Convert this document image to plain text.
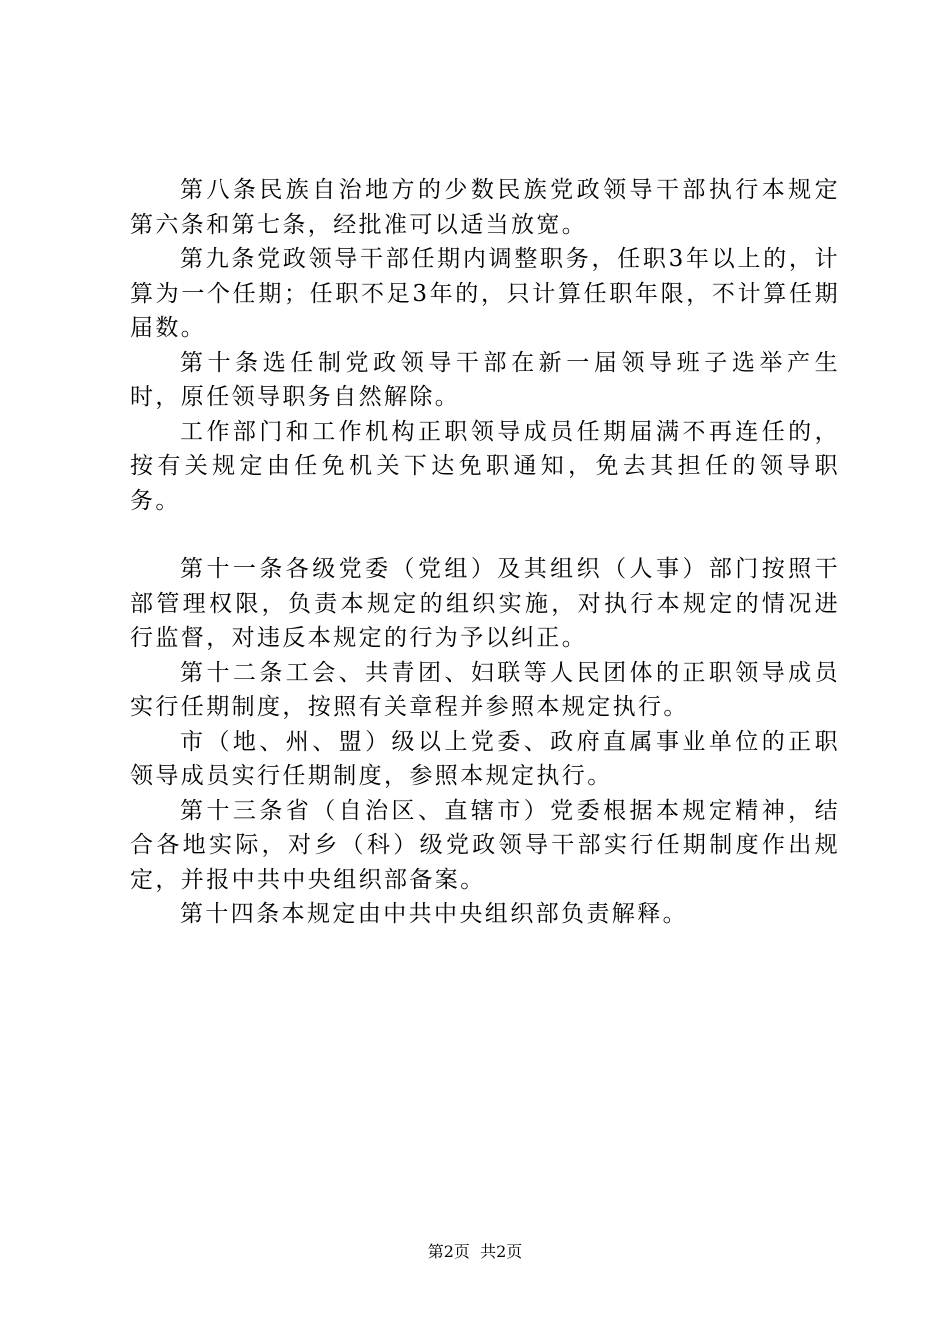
第八条民族自治地方的少数民族党政领导干部执行本规定第六条和第七条，经批准可以适当放宽。

第九条党政领导干部任期内调整职务，任职3年以上的，计算为一个任期；任职不足3年的，只计算任职年限，不计算任期届数。

第十条选任制党政领导干部在新一届领导班子选举产生时，原任领导职务自然解除。

工作部门和工作机构正职领导成员任期届满不再连任的，按有关规定由任免机关下达免职通知，免去其担任的领导职务。

第十一条各级党委（党组）及其组织（人事）部门按照干部管理权限，负责本规定的组织实施，对执行本规定的情况进行监督，对违反本规定的行为予以纠正。

第十二条工会、共青团、妇联等人民团体的正职领导成员实行任期制度，按照有关章程并参照本规定执行。

市（地、州、盟）级以上党委、政府直属事业单位的正职领导成员实行任期制度，参照本规定执行。

第十三条省（自治区、直辖市）党委根据本规定精神，结合各地实际，对乡（科）级党政领导干部实行任期制度作出规定，并报中共中央组织部备案。

第十四条本规定由中共中央组织部负责解释。

第2页  共2页
